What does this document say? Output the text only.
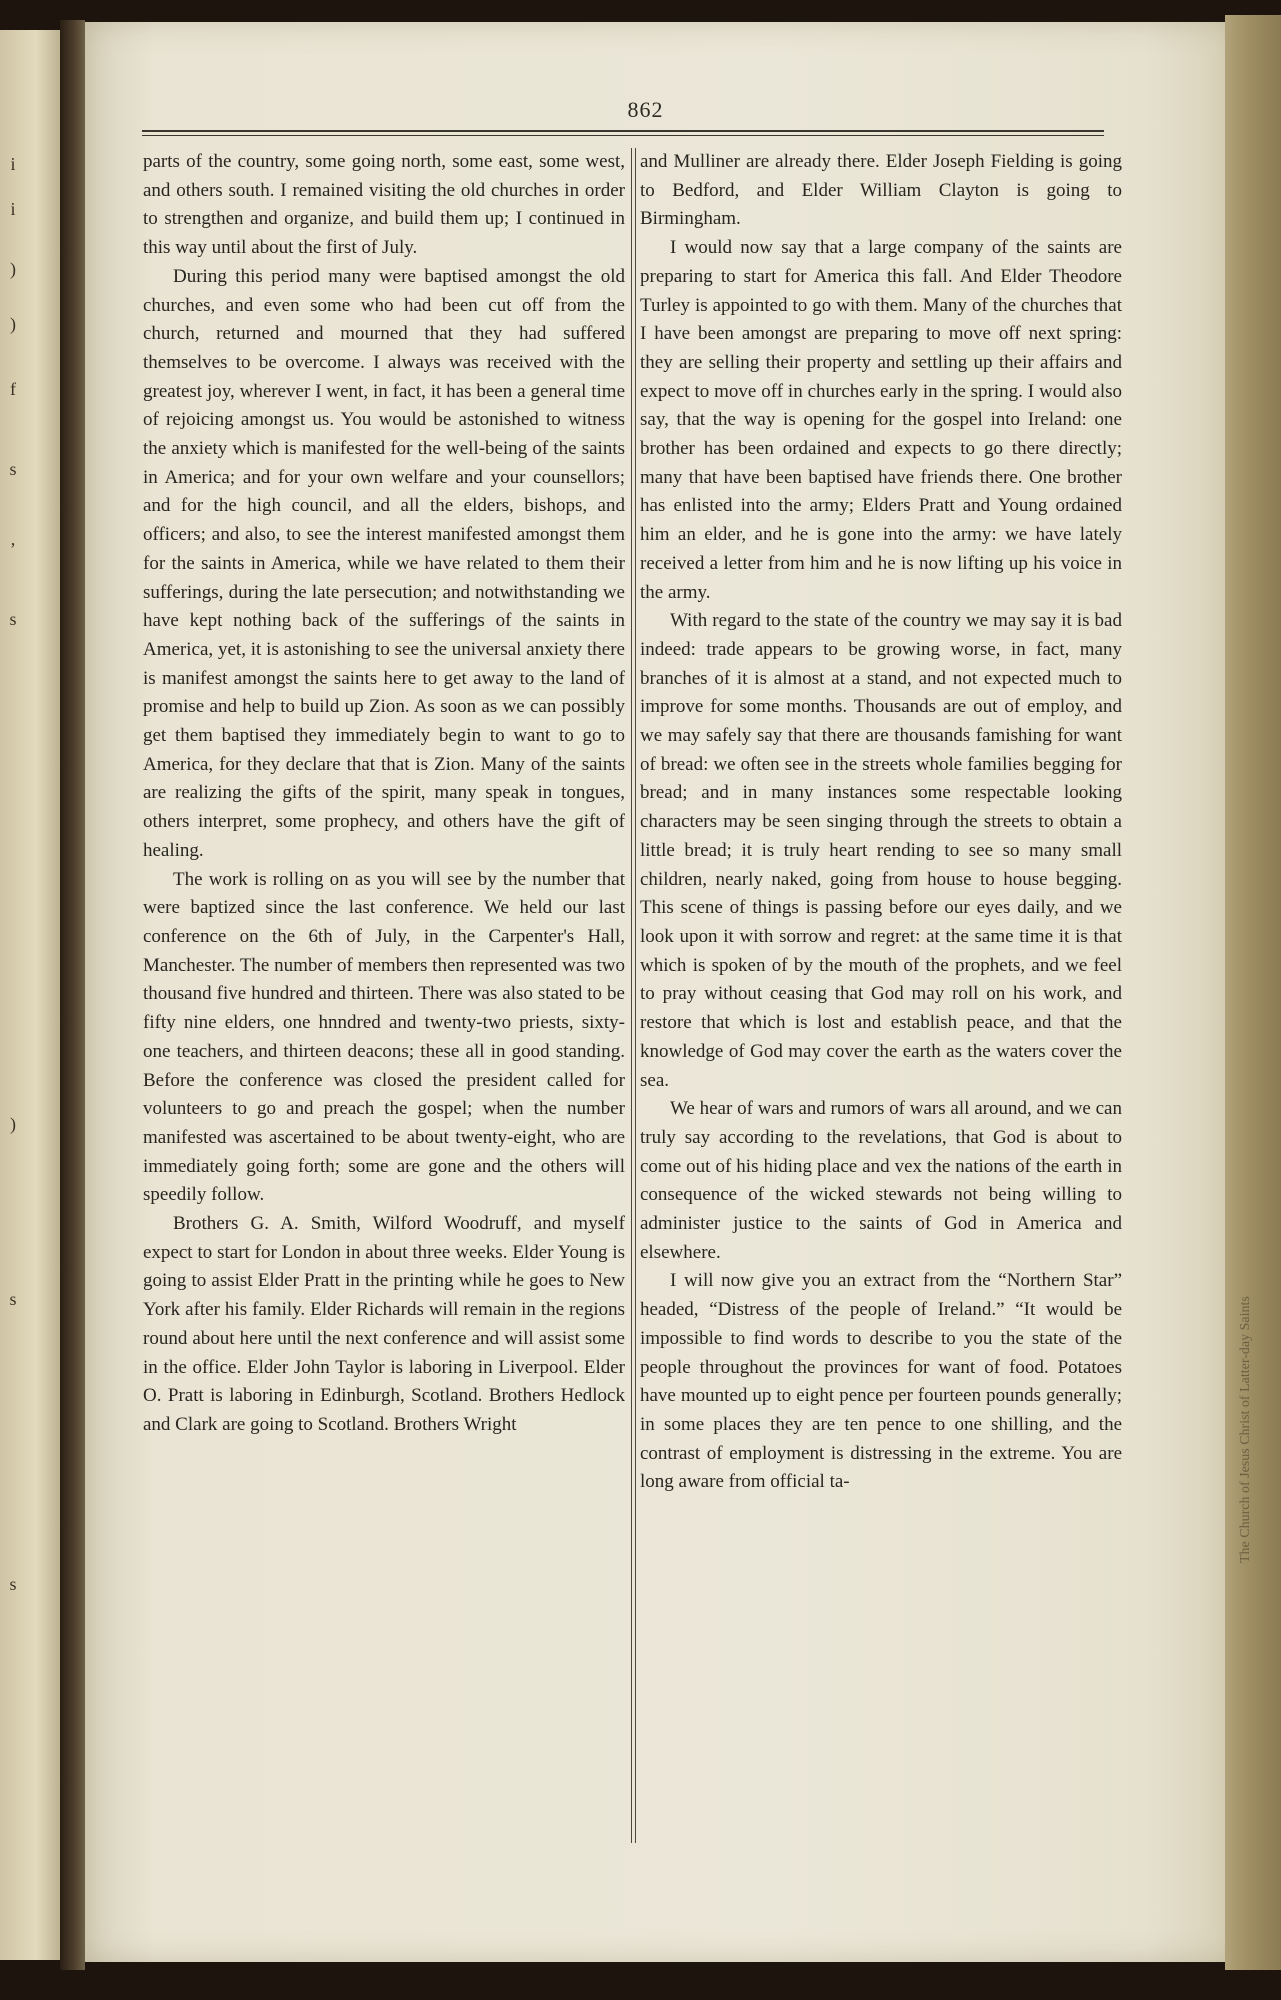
i
i
)
)
f
s
,
s
)
s
s
The Church of Jesus Christ of Latter-day Saints
862

parts of the country, some going north, some east, some west, and others south. I remained visiting the old churches in order to strengthen and organize, and build them up; I continued in this way until about the first of July.

During this period many were baptised amongst the old churches, and even some who had been cut off from the church, returned and mourned that they had suffered themselves to be overcome. I always was received with the greatest joy, wherever I went, in fact, it has been a general time of rejoicing amongst us. You would be astonished to witness the anxiety which is manifested for the well-being of the saints in America; and for your own welfare and your counsellors; and for the high council, and all the elders, bishops, and officers; and also, to see the interest manifested amongst them for the saints in America, while we have related to them their sufferings, during the late persecution; and notwithstanding we have kept nothing back of the sufferings of the saints in America, yet, it is astonishing to see the universal anxiety there is manifest amongst the saints here to get away to the land of promise and help to build up Zion. As soon as we can possibly get them baptised they immediately begin to want to go to America, for they declare that that is Zion. Many of the saints are realizing the gifts of the spirit, many speak in tongues, others interpret, some prophecy, and others have the gift of healing.

The work is rolling on as you will see by the number that were baptized since the last conference. We held our last conference on the 6th of July, in the Carpenter's Hall, Manchester. The number of members then represented was two thousand five hundred and thirteen. There was also stated to be fifty nine elders, one hnndred and twenty-two priests, sixty-one teachers, and thirteen deacons; these all in good standing. Before the conference was closed the president called for volunteers to go and preach the gospel; when the number manifested was ascertained to be about twenty-eight, who are immediately going forth; some are gone and the others will speedily follow.

Brothers G. A. Smith, Wilford Woodruff, and myself expect to start for London in about three weeks. Elder Young is going to assist Elder Pratt in the printing while he goes to New York after his family. Elder Richards will remain in the regions round about here until the next conference and will assist some in the office. Elder John Taylor is laboring in Liverpool. Elder O. Pratt is laboring in Edinburgh, Scotland. Brothers Hedlock and Clark are going to Scotland. Brothers Wright

and Mulliner are already there. Elder Joseph Fielding is going to Bedford, and Elder William Clayton is going to Birmingham.

I would now say that a large company of the saints are preparing to start for America this fall. And Elder Theodore Turley is appointed to go with them. Many of the churches that I have been amongst are preparing to move off next spring: they are selling their property and settling up their affairs and expect to move off in churches early in the spring. I would also say, that the way is opening for the gospel into Ireland: one brother has been ordained and expects to go there directly; many that have been baptised have friends there. One brother has enlisted into the army; Elders Pratt and Young ordained him an elder, and he is gone into the army: we have lately received a letter from him and he is now lifting up his voice in the army.

With regard to the state of the country we may say it is bad indeed: trade appears to be growing worse, in fact, many branches of it is almost at a stand, and not expected much to improve for some months. Thousands are out of employ, and we may safely say that there are thousands famishing for want of bread: we often see in the streets whole families begging for bread; and in many instances some respectable looking characters may be seen singing through the streets to obtain a little bread; it is truly heart rending to see so many small children, nearly naked, going from house to house begging. This scene of things is passing before our eyes daily, and we look upon it with sorrow and regret: at the same time it is that which is spoken of by the mouth of the prophets, and we feel to pray without ceasing that God may roll on his work, and restore that which is lost and establish peace, and that the knowledge of God may cover the earth as the waters cover the sea.

We hear of wars and rumors of wars all around, and we can truly say according to the revelations, that God is about to come out of his hiding place and vex the nations of the earth in consequence of the wicked stewards not being willing to administer justice to the saints of God in America and elsewhere.

I will now give you an extract from the “Northern Star” headed, “Distress of the people of Ireland.” “It would be impossible to find words to describe to you the state of the people throughout the provinces for want of food. Potatoes have mounted up to eight pence per fourteen pounds generally; in some places they are ten pence to one shilling, and the contrast of employment is distressing in the extreme. You are long aware from official ta-
